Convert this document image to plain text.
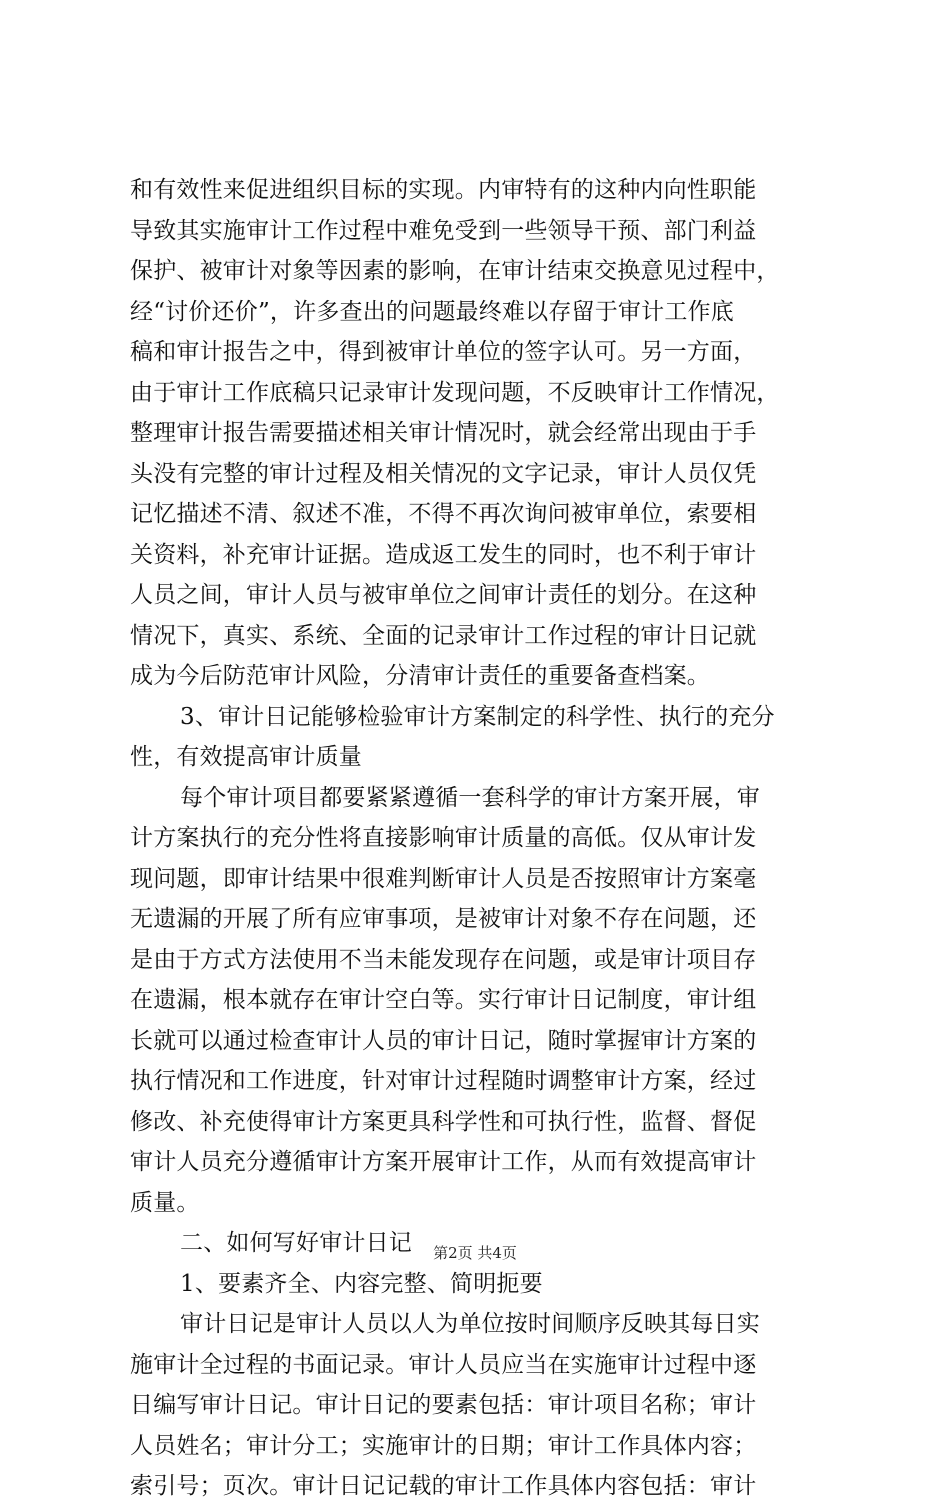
和有效性来促进组织目标的实现。内审特有的这种内向性职能
导致其实施审计工作过程中难免受到一些领导干预、部门利益
保护、被审计对象等因素的影响，在审计结束交换意见过程中，
经“讨价还价”，许多查出的问题最终难以存留于审计工作底
稿和审计报告之中，得到被审计单位的签字认可。另一方面，
由于审计工作底稿只记录审计发现问题，不反映审计工作情况，
整理审计报告需要描述相关审计情况时，就会经常出现由于手
头没有完整的审计过程及相关情况的文字记录，审计人员仅凭
记忆描述不清、叙述不准，不得不再次询问被审单位，索要相
关资料，补充审计证据。造成返工发生的同时，也不利于审计
人员之间，审计人员与被审单位之间审计责任的划分。在这种
情况下，真实、系统、全面的记录审计工作过程的审计日记就
成为今后防范审计风险，分清审计责任的重要备查档案。
3、审计日记能够检验审计方案制定的科学性、执行的充分
性，有效提高审计质量
每个审计项目都要紧紧遵循一套科学的审计方案开展，审
计方案执行的充分性将直接影响审计质量的高低。仅从审计发
现问题，即审计结果中很难判断审计人员是否按照审计方案毫
无遗漏的开展了所有应审事项，是被审计对象不存在问题，还
是由于方式方法使用不当未能发现存在问题，或是审计项目存
在遗漏，根本就存在审计空白等。实行审计日记制度，审计组
长就可以通过检查审计人员的审计日记，随时掌握审计方案的
执行情况和工作进度，针对审计过程随时调整审计方案，经过
修改、补充使得审计方案更具科学性和可执行性，监督、督促
审计人员充分遵循审计方案开展审计工作，从而有效提高审计
质量。
二、如何写好审计日记
1、要素齐全、内容完整、简明扼要
审计日记是审计人员以人为单位按时间顺序反映其每日实
施审计全过程的书面记录。审计人员应当在实施审计过程中逐
日编写审计日记。审计日记的要素包括：审计项目名称；审计
人员姓名；审计分工；实施审计的日期；审计工作具体内容；
索引号；页次。审计日记记载的审计工作具体内容包括：审计
第2页 共4页
